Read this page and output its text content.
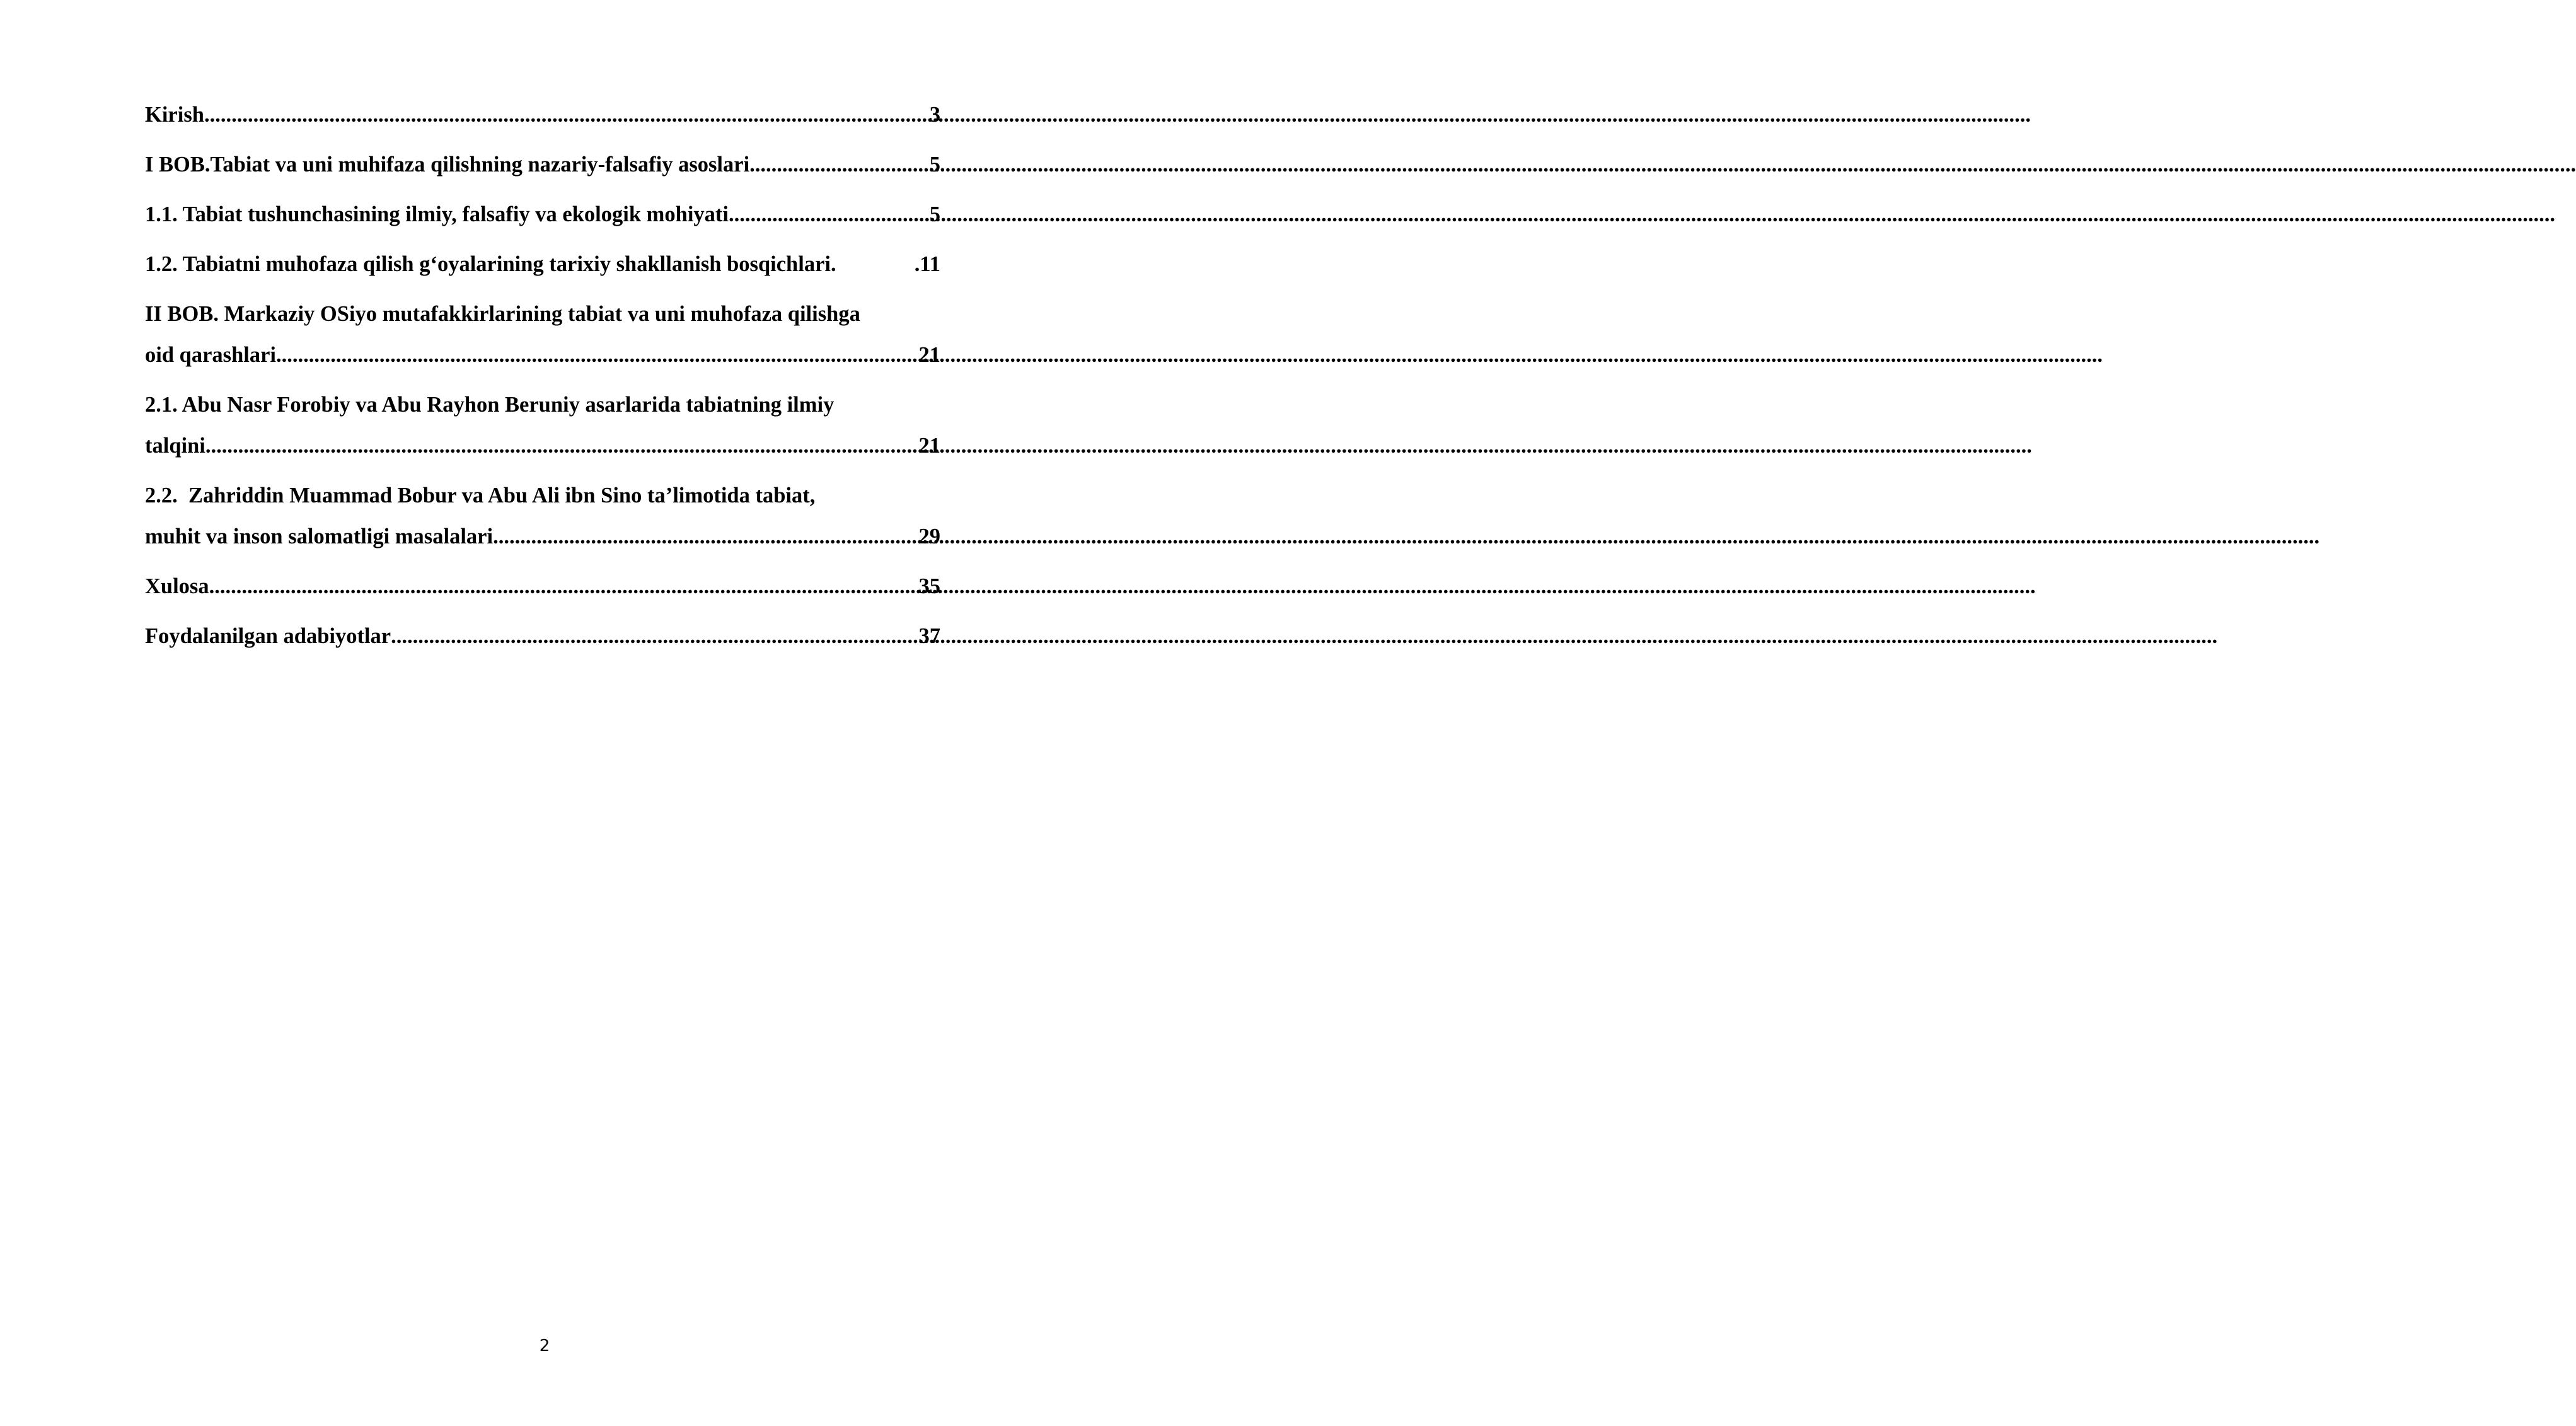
Kirish .....	3
I BOB.Tabiat va uni muhifaza qilishning nazariy-falsafiy asoslari .....	5
1.1. Tabiat tushunchasining ilmiy, falsafiy va ekologik mohiyati .....	5
1.2. Tabiatni muhofaza qilish g‘oyalarining tarixiy shakllanish bosqichlari.	.11
II BOB. Markaziy OSiyo mutafakkirlarining tabiat va uni muhofaza qilishga
oid qarashlari .....	21
2.1. Abu Nasr Forobiy va Abu Rayhon Beruniy asarlarida tabiatning ilmiy
talqini .....	21
2.2.  Zahriddin Muammad Bobur va Abu Ali ibn Sino ta’limotida tabiat,
muhit va inson salomatligi masalalari .....	29
Xulosa .....	35
Foydalanilgan adabiyotlar .....	37
2
